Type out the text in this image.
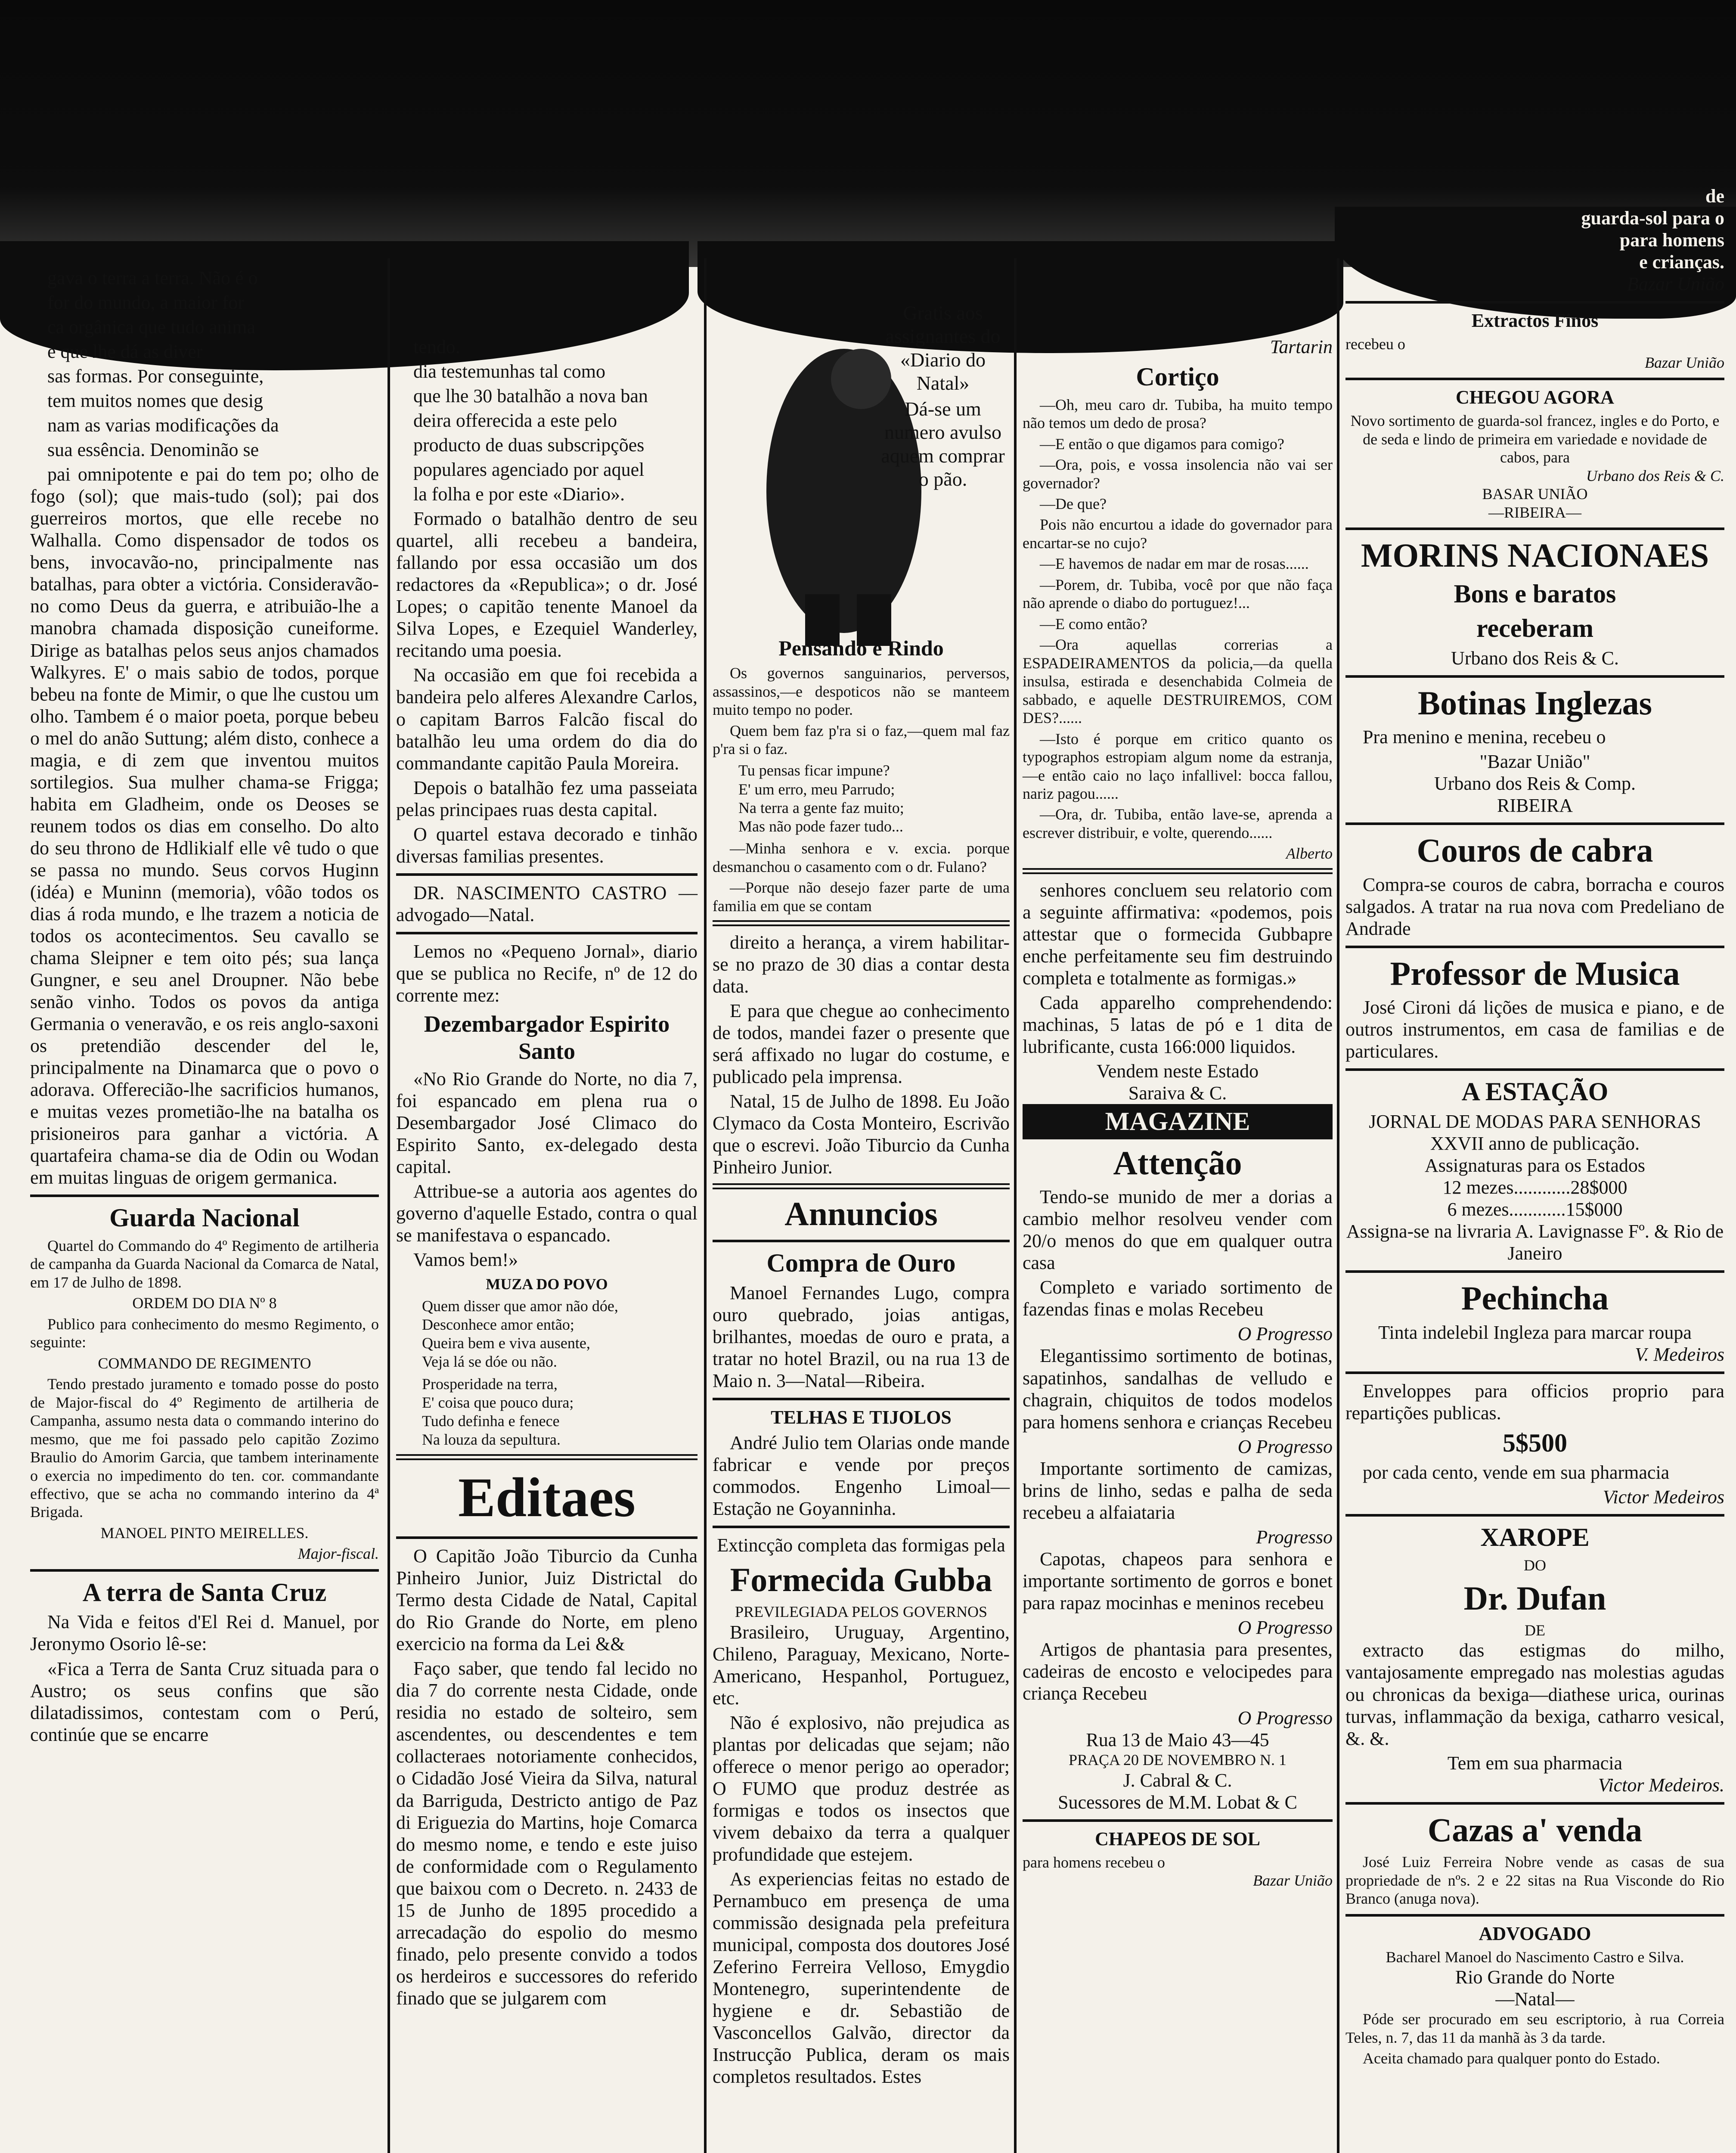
gava o terra a terra. Não é o

for do mundo, a maior for

ca orgânica que tudo anima

e que lhe dá as diver

sas formas. Por conseguinte,

tem muitos nomes que desig

nam as varias modificações da

sua essência. Denominão se

pai omnipotente e pai do tem po; olho de fogo (sol); que mais-tudo (sol); pai dos guerreiros mortos, que elle recebe no Walhalla. Como dispensador de todos os bens, invocavão-no, principalmente nas batalhas, para obter a victória. Consideravão-no como Deus da guerra, e atribuião-lhe a manobra chamada disposição cuneiforme. Dirige as batalhas pelos seus anjos chamados Walkyres. E' o mais sabio de todos, porque bebeu na fonte de Mimir, o que lhe custou um olho. Tambem é o maior poeta, porque bebeu o mel do anão Suttung; além disto, conhece a magia, e di zem que inventou muitos sortilegios. Sua mulher chama-se Frigga; habita em Gladheim, onde os Deoses se reunem todos os dias em conselho. Do alto do seu throno de Hdlikialf elle vê tudo o que se passa no mundo. Seus corvos Huginn (idéa) e Muninn (memoria), vôão todos os dias á roda mundo, e lhe trazem a noticia de todos os acontecimentos. Seu cavallo se chama Sleipner e tem oito pés; sua lança Gungner, e seu anel Droupner. Não bebe senão vinho. Todos os povos da antiga Germania o veneravão, e os reis anglo-saxoni os pretendião descender del le, principalmente na Dinamarca que o povo o adorava. Offerecião-lhe sacrificios humanos, e muitas vezes prometião-lhe na batalha os prisioneiros para ganhar a victória. A quartafeira chama-se dia de Odin ou Wodan em muitas linguas de origem germanica.

Guarda Nacional

Quartel do Commando do 4º Regimento de artilheria de campanha da Guarda Nacional da Comarca de Natal, em 17 de Julho de 1898.

ORDEM DO DIA Nº 8

Publico para conhecimento do mesmo Regimento, o seguinte:

COMMANDO DE REGIMENTO

Tendo prestado juramento e tomado posse do posto de Major-fiscal do 4º Regimento de artilheria de Campanha, assumo nesta data o commando interino do mesmo, que me foi passado pelo capitão Zozimo Braulio do Amorim Garcia, que tambem interinamente o exercia no impedimento do ten. cor. commandante effectivo, que se acha no commando interino da 4ª Brigada.

MANOEL PINTO MEIRELLES.

Major-fiscal.

A terra de Santa Cruz

Na Vida e feitos d'El Rei d. Manuel, por Jeronymo Osorio lê-se:

«Fica a Terra de Santa Cruz situada para o Austro; os seus confins que são dilatadissimos, contestam com o Perú, continúe que se encarre

tendo.

dia testemunhas tal como

que lhe 30 batalhão a nova ban

deira offerecida a este pelo

producto de duas subscripções

populares agenciado por aquel

la folha e por este «Diario».

Formado o batalhão dentro de seu quartel, alli recebeu a bandeira, fallando por essa occasião um dos redactores da «Republica»; o dr. José Lopes; o capitão tenente Manoel da Silva Lopes, e Ezequiel Wanderley, recitando uma poesia.

Na occasião em que foi recebida a bandeira pelo alferes Alexandre Carlos, o capitam Barros Falcão fiscal do batalhão leu uma ordem do dia do commandante capitão Paula Moreira.

Depois o batalhão fez uma passeiata pelas principaes ruas desta capital.

O quartel estava decorado e tinhão diversas familias presentes.

DR. NASCIMENTO CASTRO — advogado—Natal.

Lemos no «Pequeno Jornal», diario que se publica no Recife, nº de 12 do corrente mez:

Dezembargador Espirito Santo

«No Rio Grande do Norte, no dia 7, foi espancado em plena rua o Desembargador José Climaco do Espirito Santo, ex-delegado desta capital.

Attribue-se a autoria aos agentes do governo d'aquelle Estado, contra o qual se manifestava o espancado.

Vamos bem!»

MUZA DO POVO
Quem disser que amor não dóe,
Desconhece amor então;
Queira bem e viva ausente,
Veja lá se dóe ou não.
Prosperidade na terra,
E' coisa que pouco dura;
Tudo definha e fenece
Na louza da sepultura.
Editaes

O Capitão João Tiburcio da Cunha Pinheiro Junior, Juiz Districtal do Termo desta Cidade de Natal, Capital do Rio Grande do Norte, em pleno exercicio na forma da Lei &&

Faço saber, que tendo fal lecido no dia 7 do corrente nesta Cidade, onde residia no estado de solteiro, sem ascendentes, ou descendentes e tem collacteraes notoriamente conhecidos, o Cidadão José Vieira da Silva, natural da Barriguda, Destricto antigo de Paz di Eriguezia do Martins, hoje Comarca do mesmo nome, e tendo e este juiso de conformidade com o Regulamento que baixou com o Decreto. n. 2433 de 15 de Junho de 1895 procedido a arrecadação do espolio do mesmo finado, pelo presente convido a todos os herdeiros e successores do referido finado que se julgarem com

Gratis aos assignantes do «Diario do Natal»

Dá-se um numero avulso aquem comprar o pão.

Pensando e Rindo

Os governos sanguinarios, perversos, assassinos,—e despoticos não se manteem muito tempo no poder.

Quem bem faz p'ra si o faz,—quem mal faz p'ra si o faz.

Tu pensas ficar impune?
E' um erro, meu Parrudo;
Na terra a gente faz muito;
Mas não pode fazer tudo...

—Minha senhora e v. excia. porque desmanchou o casamento com o dr. Fulano?

—Porque não desejo fazer parte de uma familia em que se contam

direito a herança, a virem habilitar-se no prazo de 30 dias a contar desta data.

E para que chegue ao conhecimento de todos, mandei fazer o presente que será affixado no lugar do costume, e publicado pela imprensa.

Natal, 15 de Julho de 1898. Eu João Clymaco da Costa Monteiro, Escrivão que o escrevi. João Tiburcio da Cunha Pinheiro Junior.

Annuncios
Compra de Ouro

Manoel Fernandes Lugo, compra ouro quebrado, joias antigas, brilhantes, moedas de ouro e prata, a tratar no hotel Brazil, ou na rua 13 de Maio n. 3—Natal—Ribeira.

TELHAS E TIJOLOS

André Julio tem Olarias onde mande fabricar e vende por preços commodos. Engenho Limoal—Estação ne Goyanninha.

Extincção completa das formigas pela
Formecida Gubba
PREVILEGIADA PELOS GOVERNOS

Brasileiro, Uruguay, Argentino, Chileno, Paraguay, Mexicano, Norte-Americano, Hespanhol, Portuguez, etc.

Não é explosivo, não prejudica as plantas por delicadas que sejam; não offerece o menor perigo ao operador; O FUMO que produz destrée as formigas e todos os insectos que vivem debaixo da terra a qualquer profundidade que estejem.

As experiencias feitas no estado de Pernambuco em presença de uma commissão designada pela prefeitura municipal, composta dos doutores José Zeferino Ferreira Velloso, Emygdio Montenegro, superintendente de hygiene e dr. Sebastião de Vasconcellos Galvão, director da Instrucção Publica, deram os mais completos resultados. Estes

Tartarin
Cortiço

—Oh, meu caro dr. Tubiba, ha muito tempo não temos um dedo de prosa?

—E então o que digamos para comigo?

—Ora, pois, e vossa insolencia não vai ser governador?

—De que?

Pois não encurtou a idade do governador para encartar-se no cujo?

—E havemos de nadar em mar de rosas......

—Porem, dr. Tubiba, você por que não faça não aprende o diabo do portuguez!...

—E como então?

—Ora aquellas correrias a ESPADEIRAMENTOS da policia,—da quella insulsa, estirada e desenchabida Colmeia de sabbado, e aquelle DESTRUIREMOS, COM DES?......

—Isto é porque em critico quanto os typographos estropiam algum nome da estranja,—e então caio no laço infallivel: bocca fallou, nariz pagou......

—Ora, dr. Tubiba, então lave-se, aprenda a escrever distribuir, e volte, querendo......

Alberto

senhores concluem seu relatorio com a seguinte affirmativa: «podemos, pois attestar que o formecida Gubbapre enche perfeitamente seu fim destruindo completa e totalmente as formigas.»

Cada apparelho comprehendendo: machinas, 5 latas de pó e 1 dita de lubrificante, custa 166:000 liquidos.

Vendem neste Estado
Saraiva & C.
MAGAZINE
Attenção

Tendo-se munido de mer a dorias a cambio melhor resolveu vender com 20/o menos do que em qualquer outra casa

Completo e variado sortimento de fazendas finas e molas Recebeu

O Progresso

Elegantissimo sortimento de botinas, sapatinhos, sandalhas de velludo e chagrain, chiquitos de todos modelos para homens senhora e crianças Recebeu

O Progresso

Importante sortimento de camizas, brins de linho, sedas e palha de seda recebeu a alfaiataria

Progresso

Capotas, chapeos para senhora e importante sortimento de gorros e bonet para rapaz mocinhas e meninos recebeu

O Progresso

Artigos de phantasia para presentes, cadeiras de encosto e velocipedes para criança Recebeu

O Progresso
Rua 13 de Maio 43—45
PRAÇA 20 DE NOVEMBRO N. 1
J. Cabral & C.
Sucessores de M.M. Lobat & C
CHAPEOS DE SOL
para homens recebeu o
Bazar União
de
guarda-sol para o
para homens
e crianças.
Bazar União
Extractos Finos
recebeu o
Bazar União
CHEGOU AGORA
Novo sortimento de guarda-sol francez, ingles e do Porto, e de seda e lindo de primeira em variedade e novidade de cabos, para
Urbano dos Reis & C.
BASAR UNIÃO
—RIBEIRA—
MORINS NACIONAES
Bons e baratos
receberam
Urbano dos Reis & C.
Botinas Inglezas

Pra menino e menina, recebeu o

"Bazar União"
Urbano dos Reis & Comp.
RIBEIRA
Couros de cabra

Compra-se couros de cabra, borracha e couros salgados. A tratar na rua nova com Predeliano de Andrade

Professor de Musica

José Cironi dá lições de musica e piano, e de outros instrumentos, em casa de familias e de particulares.

A ESTAÇÃO
JORNAL DE MODAS PARA SENHORAS
XXVII anno de publicação.
Assignaturas para os Estados
12 mezes............28$000
6 mezes............15$000
Assigna-se na livraria A. Lavignasse Fº. & Rio de Janeiro
Pechincha
Tinta indelebil Ingleza para marcar roupa
V. Medeiros

Enveloppes para officios proprio para repartições publicas.

5$500

por cada cento, vende em sua pharmacia

Victor Medeiros
XAROPE
DO
Dr. Dufan
DE

extracto das estigmas do milho, vantajosamente empregado nas molestias agudas ou chronicas da bexiga—diathese urica, ourinas turvas, inflammação da bexiga, catharro vesical, &. &.

Tem em sua pharmacia
Victor Medeiros.
Cazas a' venda

José Luiz Ferreira Nobre vende as casas de sua propriedade de nºs. 2 e 22 sitas na Rua Visconde do Rio Branco (anuga nova).

ADVOGADO
Bacharel Manoel do Nascimento Castro e Silva.
Rio Grande do Norte
—Natal—

Póde ser procurado em seu escriptorio, à rua Correia Teles, n. 7, das 11 da manhã às 3 da tarde.

Aceita chamado para qualquer ponto do Estado.
